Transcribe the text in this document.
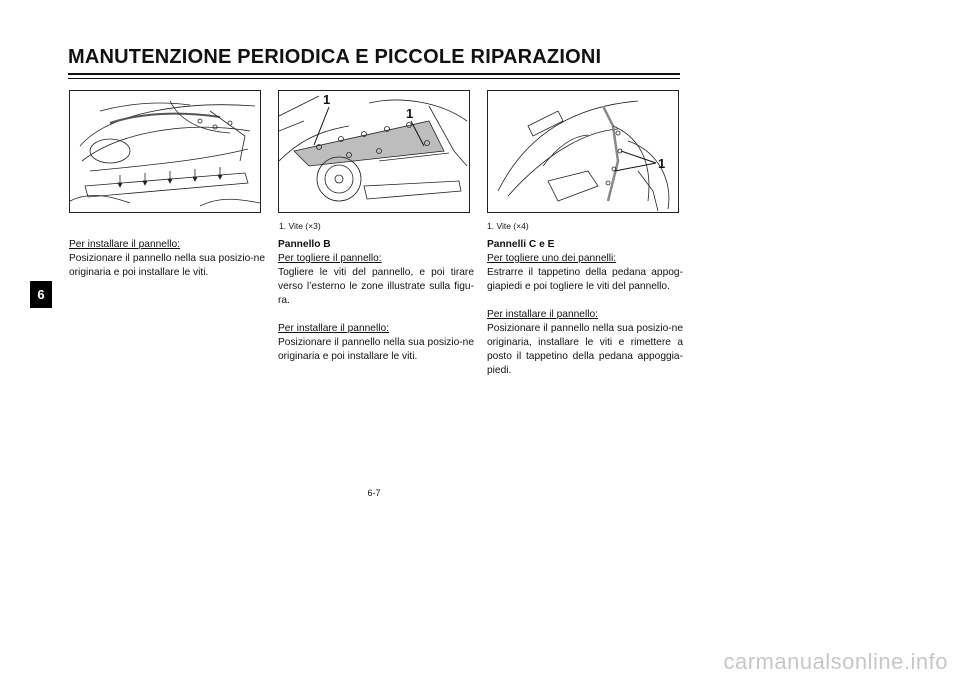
MANUTENZIONE PERIODICA E PICCOLE RIPARAZIONI
6
1
1
1
1. Vite (×3)	1. Vite (×4)

Per installare il pannello:

Posizionare il pannello nella sua posizio-ne originaria e poi installare le viti.

Pannello B

Per togliere il pannello:

Togliere le viti del pannello, e poi tirare verso l’esterno le zone illustrate sulla figu-ra.

Per installare il pannello:

Posizionare il pannello nella sua posizio-ne originaria e poi installare le viti.

Pannelli C e E

Per togliere uno dei pannelli:

Estrarre il tappetino della pedana appog-giapiedi e poi togliere le viti del pannello.

Per installare il pannello:

Posizionare il pannello nella sua posizio-ne originaria, installare le viti e rimettere a posto il tappetino della pedana appoggia-piedi.

6-7
carmanualsonline.info
